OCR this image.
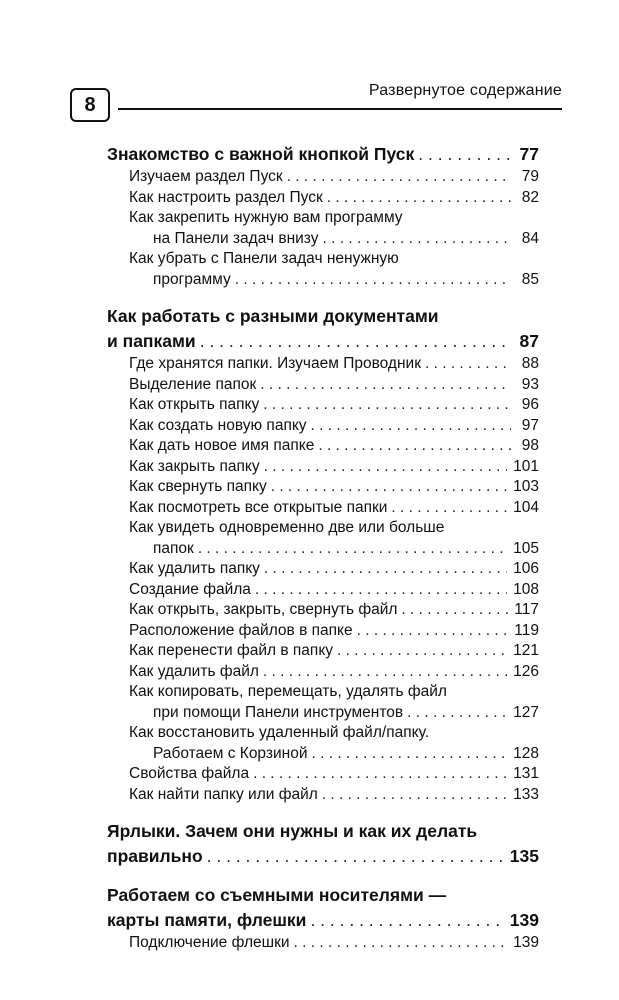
8
Развернутое содержание
Знакомство с важной кнопкой Пуск . . .	77
Изучаем раздел Пуск . . .	79
Как настроить раздел Пуск . . .	82
Как закрепить нужную вам программу
на Панели задач внизу . . .	84
Как убрать с Панели задач ненужную
программу . . .	85
Как работать с разными документами
и папками . . .	87
Где хранятся папки. Изучаем Проводник . . .	88
Выделение папок . . .	93
Как открыть папку . . .	96
Как создать новую папку . . .	97
Как дать новое имя папке . . .	98
Как закрыть папку . . .	101
Как свернуть папку . . .	103
Как посмотреть все открытые папки . . .	104
Как увидеть одновременно две или больше
папок . . .	105
Как удалить папку . . .	106
Создание файла . . .	108
Как открыть, закрыть, свернуть файл . . .	117
Расположение файлов в папке . . .	119
Как перенести файл в папку . . .	121
Как удалить файл . . .	126
Как копировать, перемещать, удалять файл
при помощи Панели инструментов . . .	127
Как восстановить удаленный файл/папку.
Работаем с Корзиной . . .	128
Свойства файла . . .	131
Как найти папку или файл . . .	133
Ярлыки. Зачем они нужны и как их делать
правильно . . .	135
Работаем со съемными носителями —
карты памяти, флешки . . .	139
Подключение флешки . . .	139
